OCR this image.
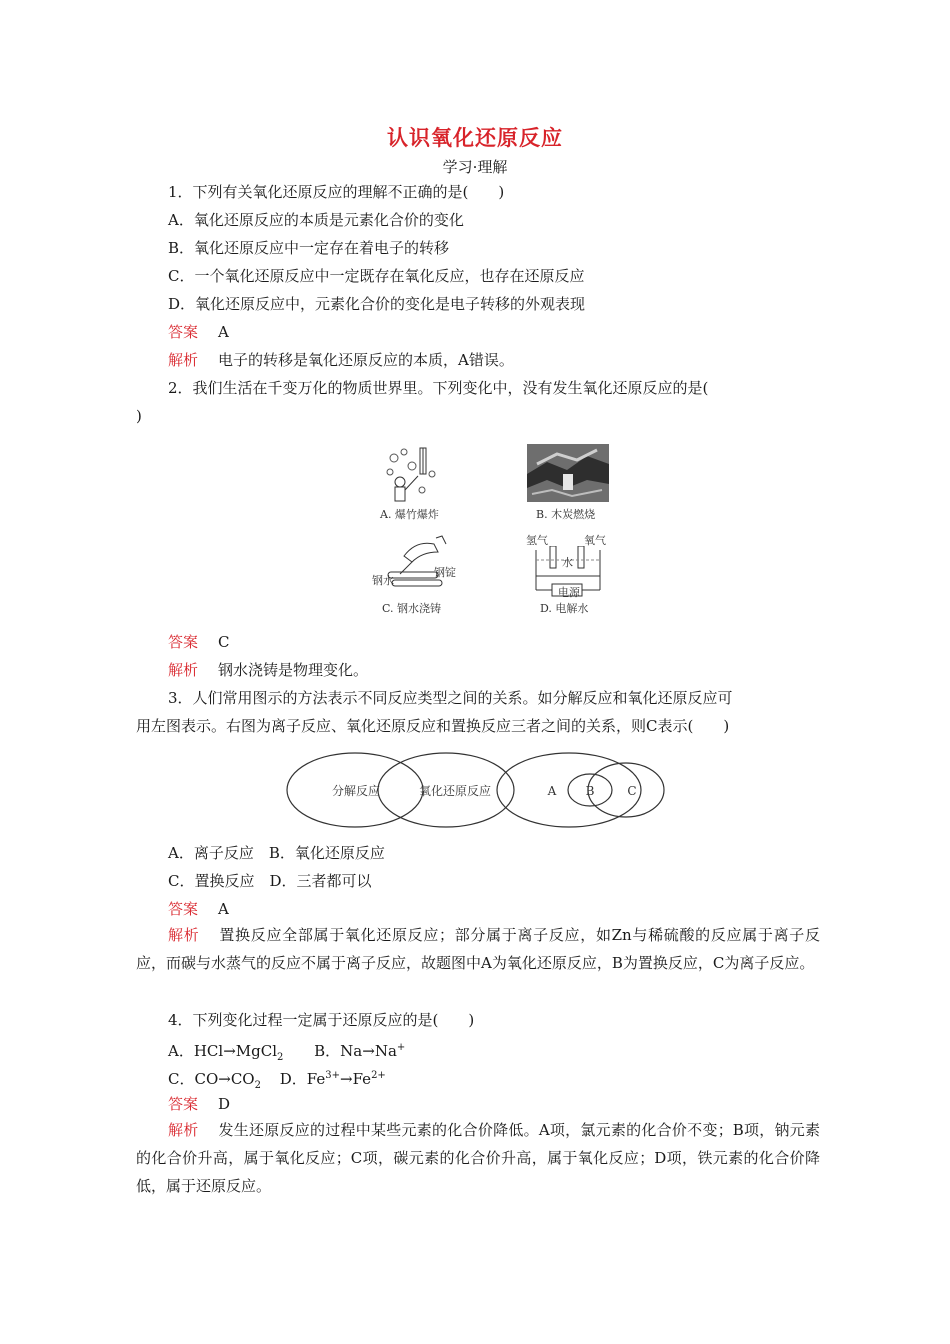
认识氧化还原反应
学习·理解
1．下列有关氧化还原反应的理解不正确的是(　　)
A．氧化还原反应的本质是元素化合价的变化
B．氧化还原反应中一定存在着电子的转移
C．一个氧化还原反应中一定既存在氧化反应，也存在还原反应
D．氧化还原反应中，元素化合价的变化是电子转移的外观表现
答案 A
解析 电子的转移是氧化还原反应的本质，A错误。
2．我们生活在千变万化的物质世界里。下列变化中，没有发生氧化还原反应的是(
)
A. 爆竹爆炸	B. 木炭燃烧
钢锭
钢水
C. 钢水浇铸
氢气	氧气
水
电源
D. 电解水
答案 C
解析 钢水浇铸是物理变化。
3．人们常用图示的方法表示不同反应类型之间的关系。如分解反应和氧化还原反应可
用左图表示。右图为离子反应、氧化还原反应和置换反应三者之间的关系，则C表示(　　)
分解反应	氧化还原反应	A B	C
A．离子反应　B．氧化还原反应
C．置换反应　D．三者都可以
答案 A
解析 置换反应全部属于氧化还原反应；部分属于离子反应，如Zn与稀硫酸的反应属于离子反应，而碳与水蒸气的反应不属于离子反应，故题图中A为氧化还原反应，B为置换反应，C为离子反应。
4．下列变化过程一定属于还原反应的是(　　)
A．HCl→MgCl$_2$ B．Na→Na+
C．$CO\to CO_2$ D．$Fe^{3+}\to Fe^{2+}$
答案 D
解析 发生还原反应的过程中某些元素的化合价降低。A项，氯元素的化合价不变；B项，钠元素的化合价升高，属于氧化反应；C项，碳元素的化合价升高，属于氧化反应；D项，铁元素的化合价降低，属于还原反应。
